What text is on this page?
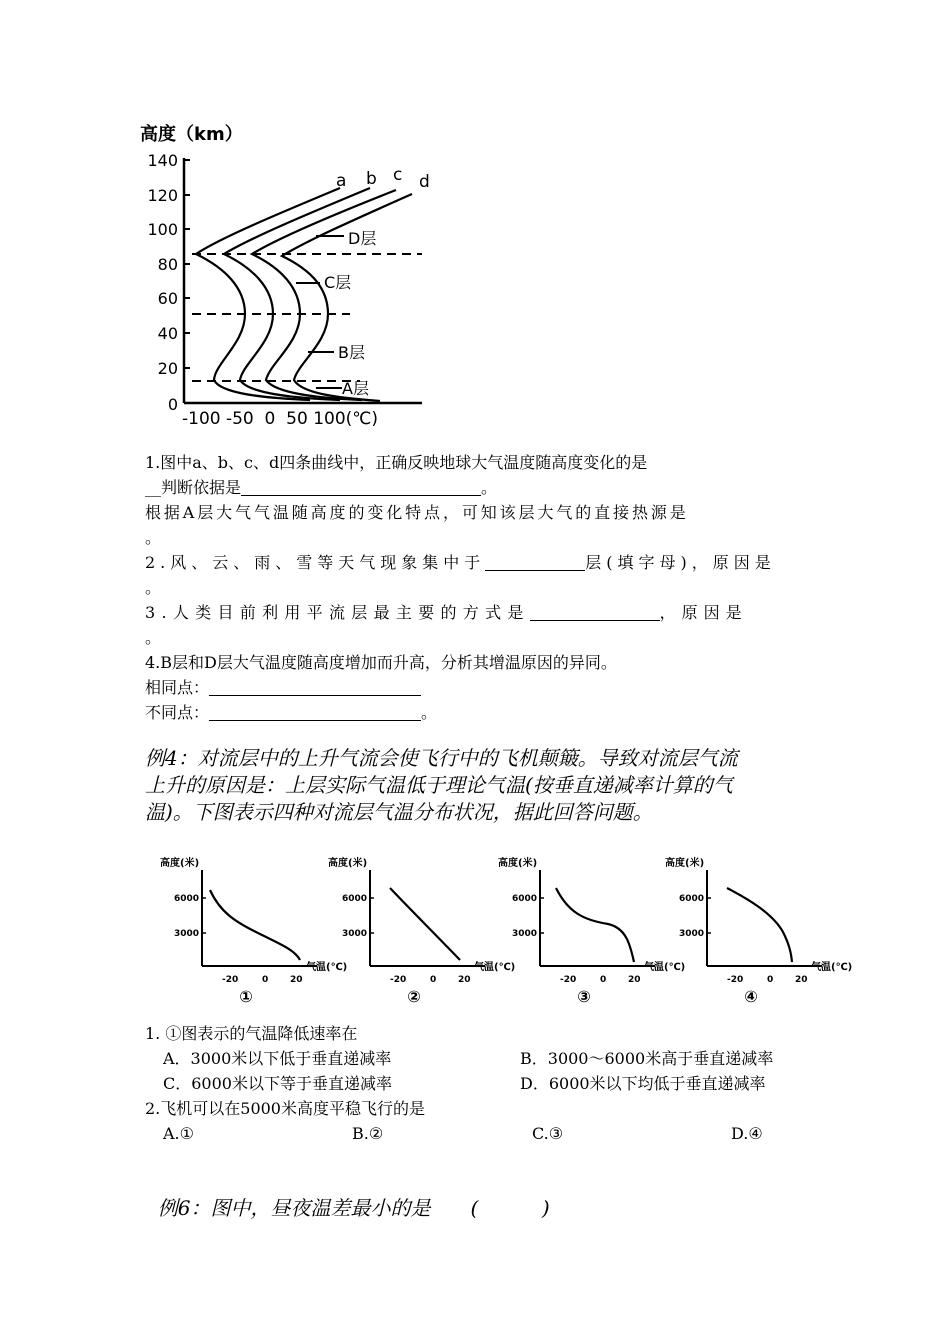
高度（km）
140
120
100
80
60
40
20
0
-100 -50  0  50 100(℃)
a b c d
D层
C层
B层
A层
1.图中a、b、c、d四条曲线中，正确反映地球大气温度随高度变化的是
__判断依据是	。
根据A层大气气温随高度的变化特点，可知该层大气的直接热源是
。
2.风、云、雨、雪等天气现象集中于	层(填字母)，原因是
。
3.人类目前利用平流层最主要的方式是	，原因是
。
4.B层和D层大气温度随高度增加而升高，分析其增温原因的异同。
相同点：
不同点：	。
例4：对流层中的上升气流会使飞行中的飞机颠簸。导致对流层气流
上升的原因是：上层实际气温低于理论气温(按垂直递减率计算的气
温)。下图表示四种对流层气温分布状况，据此回答问题。
高度(米)
6000
3000
气温(℃)
-20	0 20
①
高度(米)
6000
3000
气温(℃)
-20	0 20
②
高度(米)
6000
3000
气温(℃)
-20	0 20
③
高度(米)
6000
3000
气温(℃)
-20	0 20
④
1. ①图表示的气温降低速率在
A．3000米以下低于垂直递减率	B．3000～6000米高于垂直递减率
C．6000米以下等于垂直递减率	D．6000米以下均低于垂直递减率
2.飞机可以在5000米高度平稳飞行的是
A.①	B.②	C.③	D.④

例6：图中，昼夜温差最小的是 (          )
